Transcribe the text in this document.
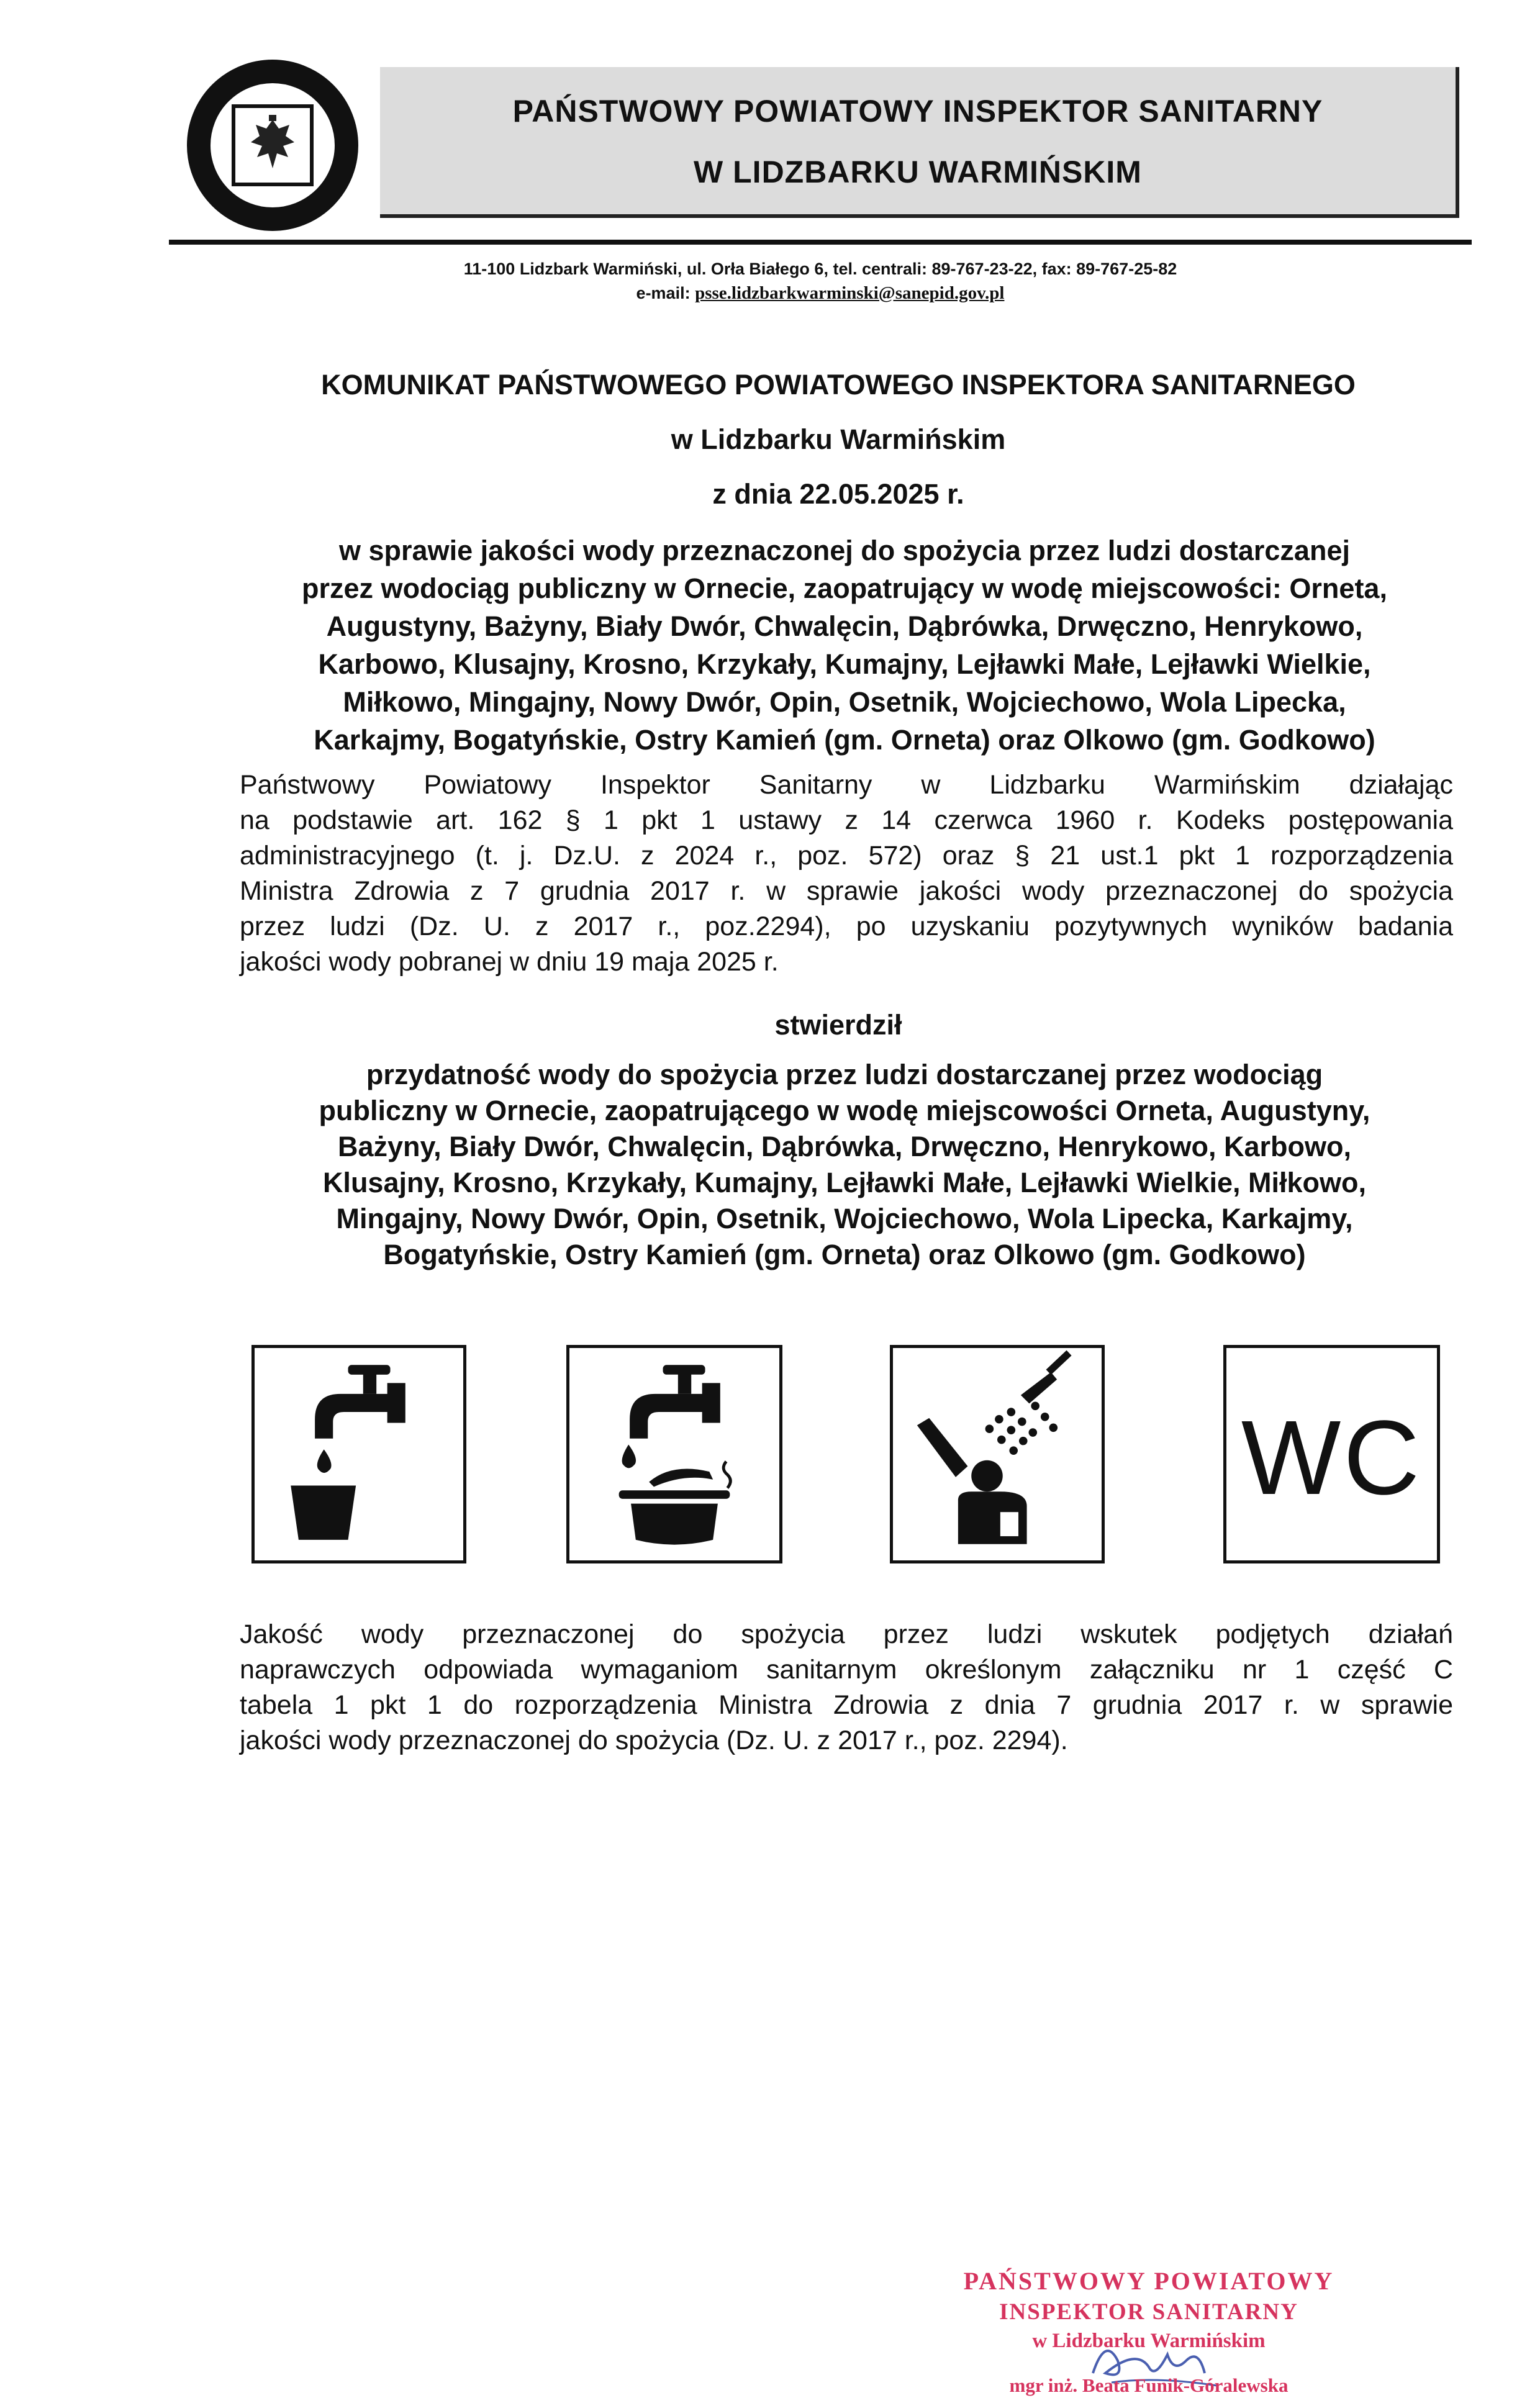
PAŃSTWOWY POWIATOWY INSPEKTOR SANITARNY
W LIDZBARKU WARMIŃSKIM
11-100 Lidzbark Warmiński, ul. Orła Białego 6, tel. centrali: 89-767-23-22, fax: 89-767-25-82
e-mail: psse.lidzbarkwarminski@sanepid.gov.pl
KOMUNIKAT PAŃSTWOWEGO POWIATOWEGO INSPEKTORA SANITARNEGO
w Lidzbarku Warmińskim
z dnia 22.05.2025 r.
w sprawie jakości wody przeznaczonej do spożycia przez ludzi dostarczanej
przez wodociąg publiczny w Ornecie, zaopatrujący w wodę miejscowości: Orneta,
Augustyny, Bażyny, Biały Dwór, Chwalęcin, Dąbrówka, Drwęczno, Henrykowo,
Karbowo, Klusajny, Krosno, Krzykały, Kumajny, Lejławki Małe, Lejławki Wielkie,
Miłkowo, Mingajny, Nowy Dwór, Opin, Osetnik, Wojciechowo, Wola Lipecka,
Karkajmy, Bogatyńskie, Ostry Kamień (gm. Orneta) oraz Olkowo (gm. Godkowo)
Państwowy Powiatowy Inspektor Sanitarny w Lidzbarku Warmińskim działając
na podstawie art. 162 § 1 pkt 1 ustawy z 14 czerwca 1960 r. Kodeks postępowania
administracyjnego (t. j. Dz.U. z 2024 r., poz. 572) oraz § 21 ust.1 pkt 1 rozporządzenia
Ministra Zdrowia z 7 grudnia 2017 r. w sprawie jakości wody przeznaczonej do spożycia
przez ludzi (Dz. U. z 2017 r., poz.2294), po uzyskaniu pozytywnych wyników badania
jakości wody pobranej w dniu 19 maja 2025 r.
stwierdził
przydatność wody do spożycia przez ludzi dostarczanej przez wodociąg
publiczny w Ornecie, zaopatrującego w wodę miejscowości Orneta, Augustyny,
Bażyny, Biały Dwór, Chwalęcin, Dąbrówka, Drwęczno, Henrykowo, Karbowo,
Klusajny, Krosno, Krzykały, Kumajny, Lejławki Małe, Lejławki Wielkie, Miłkowo,
Mingajny, Nowy Dwór, Opin, Osetnik, Wojciechowo, Wola Lipecka, Karkajmy,
Bogatyńskie, Ostry Kamień (gm. Orneta) oraz Olkowo (gm. Godkowo)
WC
Jakość wody przeznaczonej do spożycia przez ludzi wskutek podjętych działań
naprawczych odpowiada wymaganiom sanitarnym określonym załączniku nr 1 część C
tabela 1 pkt 1 do rozporządzenia Ministra Zdrowia z dnia 7 grudnia 2017 r. w sprawie
jakości wody przeznaczonej do spożycia (Dz. U. z 2017 r., poz. 2294).
PAŃSTWOWY POWIATOWY
INSPEKTOR SANITARNY
w Lidzbarku Warmińskim
mgr inż. Beata Funik-Góralewska
